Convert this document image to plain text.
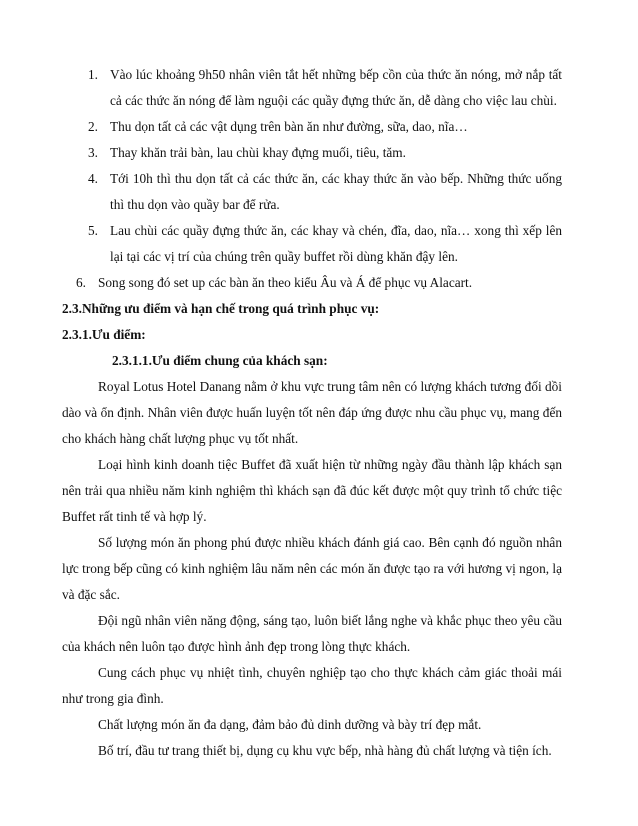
1. Vào lúc khoảng 9h50 nhân viên tắt hết những bếp cồn của thức ăn nóng, mở nắp tất cả các thức ăn nóng để làm nguội các quầy đựng thức ăn, dễ dàng cho việc lau chùi.
2. Thu dọn tất cả các vật dụng trên bàn ăn như đường, sữa, dao, nĩa…
3. Thay khăn trải bàn, lau chùi khay đựng muối, tiêu, tăm.
4. Tới 10h thì thu dọn tất cả các thức ăn, các khay thức ăn vào bếp. Những thức uống thì thu dọn vào quầy bar để rửa.
5. Lau chùi các quầy đựng thức ăn, các khay và chén, đĩa, dao, nĩa… xong thì xếp lên lại tại các vị trí của chúng trên quầy buffet rồi dùng khăn đậy lên.
6. Song song đó set up các bàn ăn theo kiểu Âu và Á để phục vụ Alacart.

2.3.Những ưu điểm và hạn chế trong quá trình phục vụ:

2.3.1.Ưu điểm:

2.3.1.1.Ưu điểm chung của khách sạn:

Royal Lotus Hotel Danang nằm ở khu vực trung tâm nên có lượng khách tương đối dồi dào và ổn định. Nhân viên được huấn luyện tốt nên đáp ứng được nhu cầu phục vụ, mang đến cho khách hàng chất lượng phục vụ tốt nhất.

Loại hình kinh doanh tiệc Buffet đã xuất hiện từ những ngày đầu thành lập khách sạn nên trải qua nhiều năm kinh nghiệm thì khách sạn đã đúc kết được một quy trình tổ chức tiệc Buffet rất tinh tế và hợp lý.

Số lượng món ăn phong phú được nhiều khách đánh giá cao. Bên cạnh đó nguồn nhân lực trong bếp cũng có kinh nghiệm lâu năm nên các món ăn được tạo ra với hương vị ngon, lạ và đặc sắc.

Đội ngũ nhân viên năng động, sáng tạo, luôn biết lắng nghe và khắc phục theo yêu cầu của khách nên luôn tạo được hình ảnh đẹp trong lòng thực khách.

Cung cách phục vụ nhiệt tình, chuyên nghiệp tạo cho thực khách cảm giác thoải mái như trong gia đình.

Chất lượng món ăn đa dạng, đảm bảo đủ dinh dưỡng và bày trí đẹp mắt.

Bố trí, đầu tư trang thiết bị, dụng cụ khu vực bếp, nhà hàng đủ chất lượng và tiện ích.
